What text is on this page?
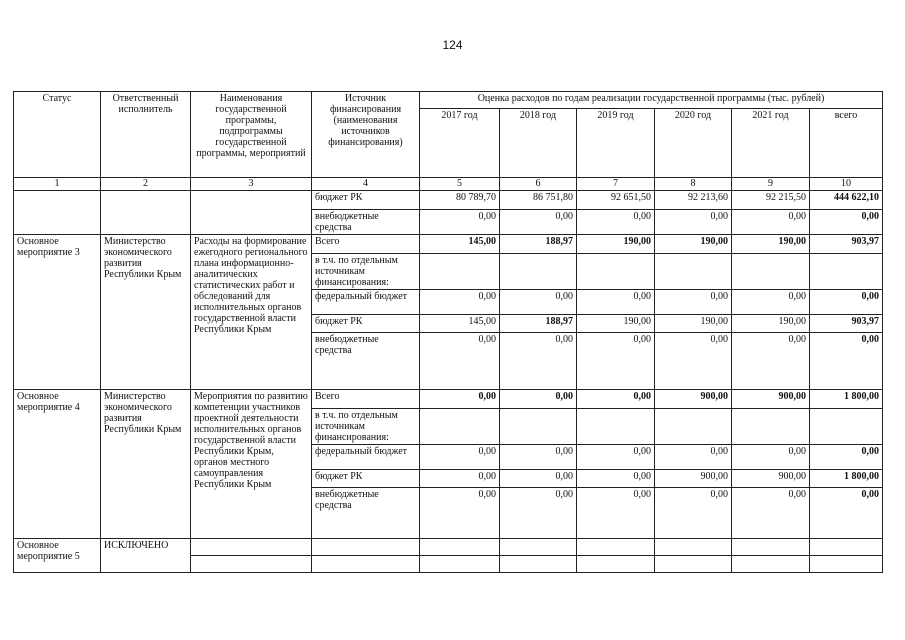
124
Статус	Ответственный исполнитель	Наименования государственной программы, подпрограммы государственной программы, мероприятий	Источник финансирования (наименования источников финансирования)	Оценка расходов по годам реализации государственной программы (тыс. рублей)					
				2017 год	2018 год	2019 год	2020 год	2021 год	всего
1	2	3	4	5	6	7	8	9	10
			бюджет РК	80 789,70	86 751,80	92 651,50	92 213,60	92 215,50	444 622,10
			внебюджетные средства	0,00	0,00	0,00	0,00	0,00	0,00
Основное мероприятие 3	Министерство экономического развития Республики Крым	Расходы на формирование ежегодного регионального плана информационно-аналитических статистических работ и обследований для исполнительных органов государственной власти Республики Крым	Всего	145,00	188,97	190,00	190,00	190,00	903,97
			в т.ч. по отдельным источникам финансирования:						
			федеральный бюджет	0,00	0,00	0,00	0,00	0,00	0,00
			бюджет РК	145,00	188,97	190,00	190,00	190,00	903,97
			внебюджетные средства	0,00	0,00	0,00	0,00	0,00	0,00
Основное мероприятие 4	Министерство экономического развития Республики Крым	Мероприятия по развитию компетенции участников проектной деятельности исполнительных органов государственной власти Республики Крым, органов местного самоуправления Республики Крым	Всего	0,00	0,00	0,00	900,00	900,00	1 800,00
			в т.ч. по отдельным источникам финансирования:						
			федеральный бюджет	0,00	0,00	0,00	0,00	0,00	0,00
			бюджет РК	0,00	0,00	0,00	900,00	900,00	1 800,00
			внебюджетные средства	0,00	0,00	0,00	0,00	0,00	0,00
Основное мероприятие 5	ИСКЛЮЧЕНО								
